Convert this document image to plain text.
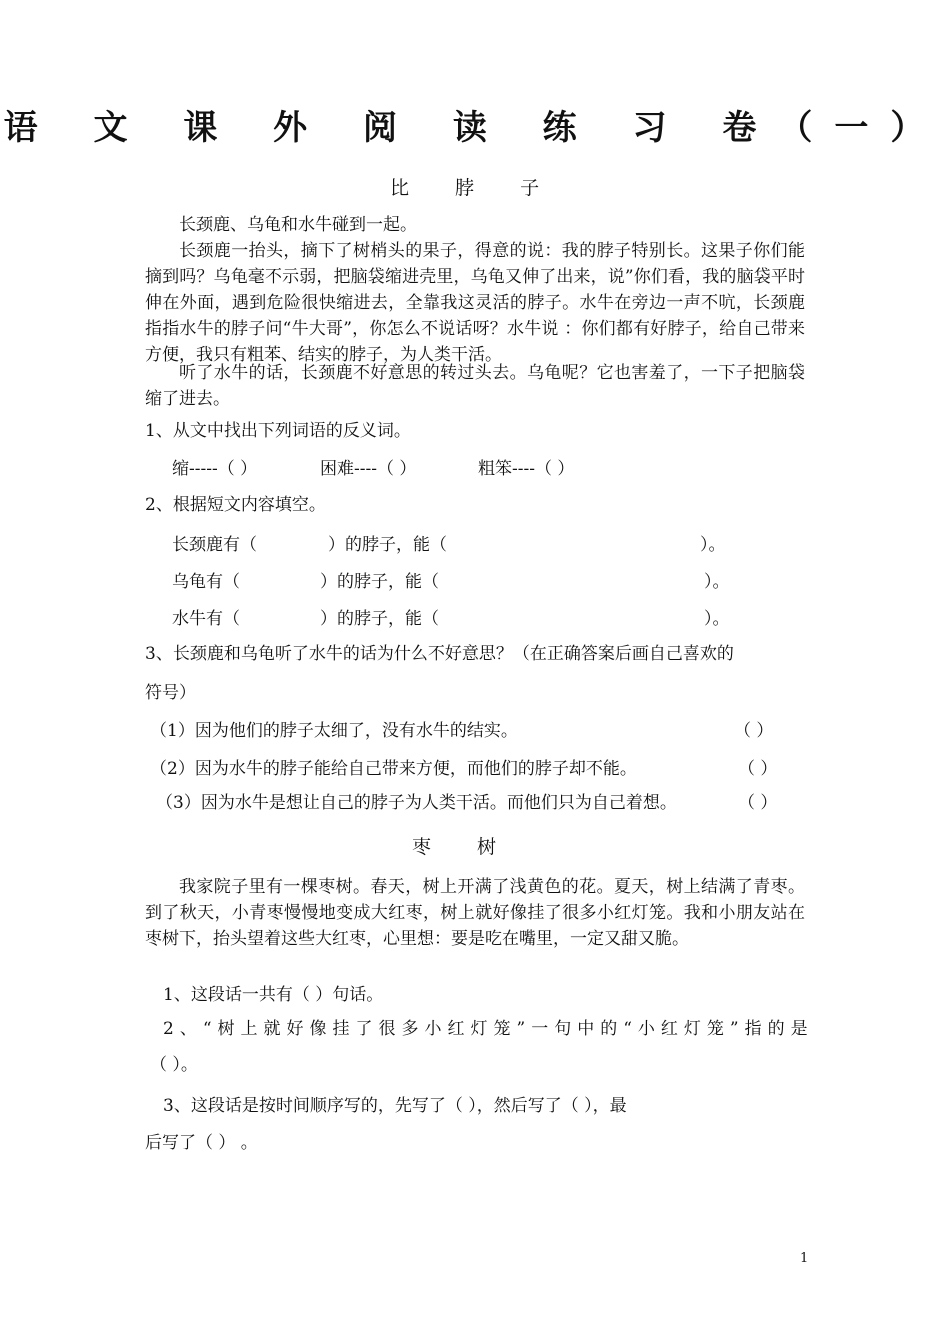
语 文 课 外 阅 读 练 习 卷（一）
比 脖 子
长颈鹿、乌龟和水牛碰到一起。
长颈鹿一抬头，摘下了树梢头的果子，得意的说：我的脖子特别长。这果子你们能摘到吗？乌龟毫不示弱，把脑袋缩进壳里，乌龟又伸了出来，说”你们看，我的脑袋平时伸在外面，遇到危险很快缩进去，全靠我这灵活的脖子。水牛在旁边一声不吭，长颈鹿指指水牛的脖子问“牛大哥”，你怎么不说话呀？水牛说 ：你们都有好脖子，给自己带来方便，我只有粗苯、结实的脖子，为人类干活。
听了水牛的话，长颈鹿不好意思的转过头去。乌龟呢？它也害羞了，一下子把脑袋缩了进去。
1、从文中找出下列词语的反义词。
缩-----（ ）	困难----（ ）	粗笨----（ ）
2、根据短文内容填空。
长颈鹿有（	）的脖子，能（	）。
乌龟有（	）的脖子，能（	）。
水牛有（	）的脖子，能（	）。
3、长颈鹿和乌龟听了水牛的话为什么不好意思？（在正确答案后画自己喜欢的
符号）
（1）因为他们的脖子太细了，没有水牛的结实。	（ ）
（2）因为水牛的脖子能给自己带来方便，而他们的脖子却不能。	（ ）
（3）因为水牛是想让自己的脖子为人类干活。而他们只为自己着想。	（ ）
枣 树
我家院子里有一棵枣树。春天，树上开满了浅黄色的花。夏天，树上结满了青枣。到了秋天，小青枣慢慢地变成大红枣，树上就好像挂了很多小红灯笼。我和小朋友站在枣树下，抬头望着这些大红枣，心里想：要是吃在嘴里，一定又甜又脆。
1、这段话一共有（ ）句话。
2、“树上就好像挂了很多小红灯笼”一句中的“小红灯笼”指的是
（ ）。
3、这段话是按时间顺序写的，先写了（ ），然后写了（ ），最
后写了（ ） 。
1
